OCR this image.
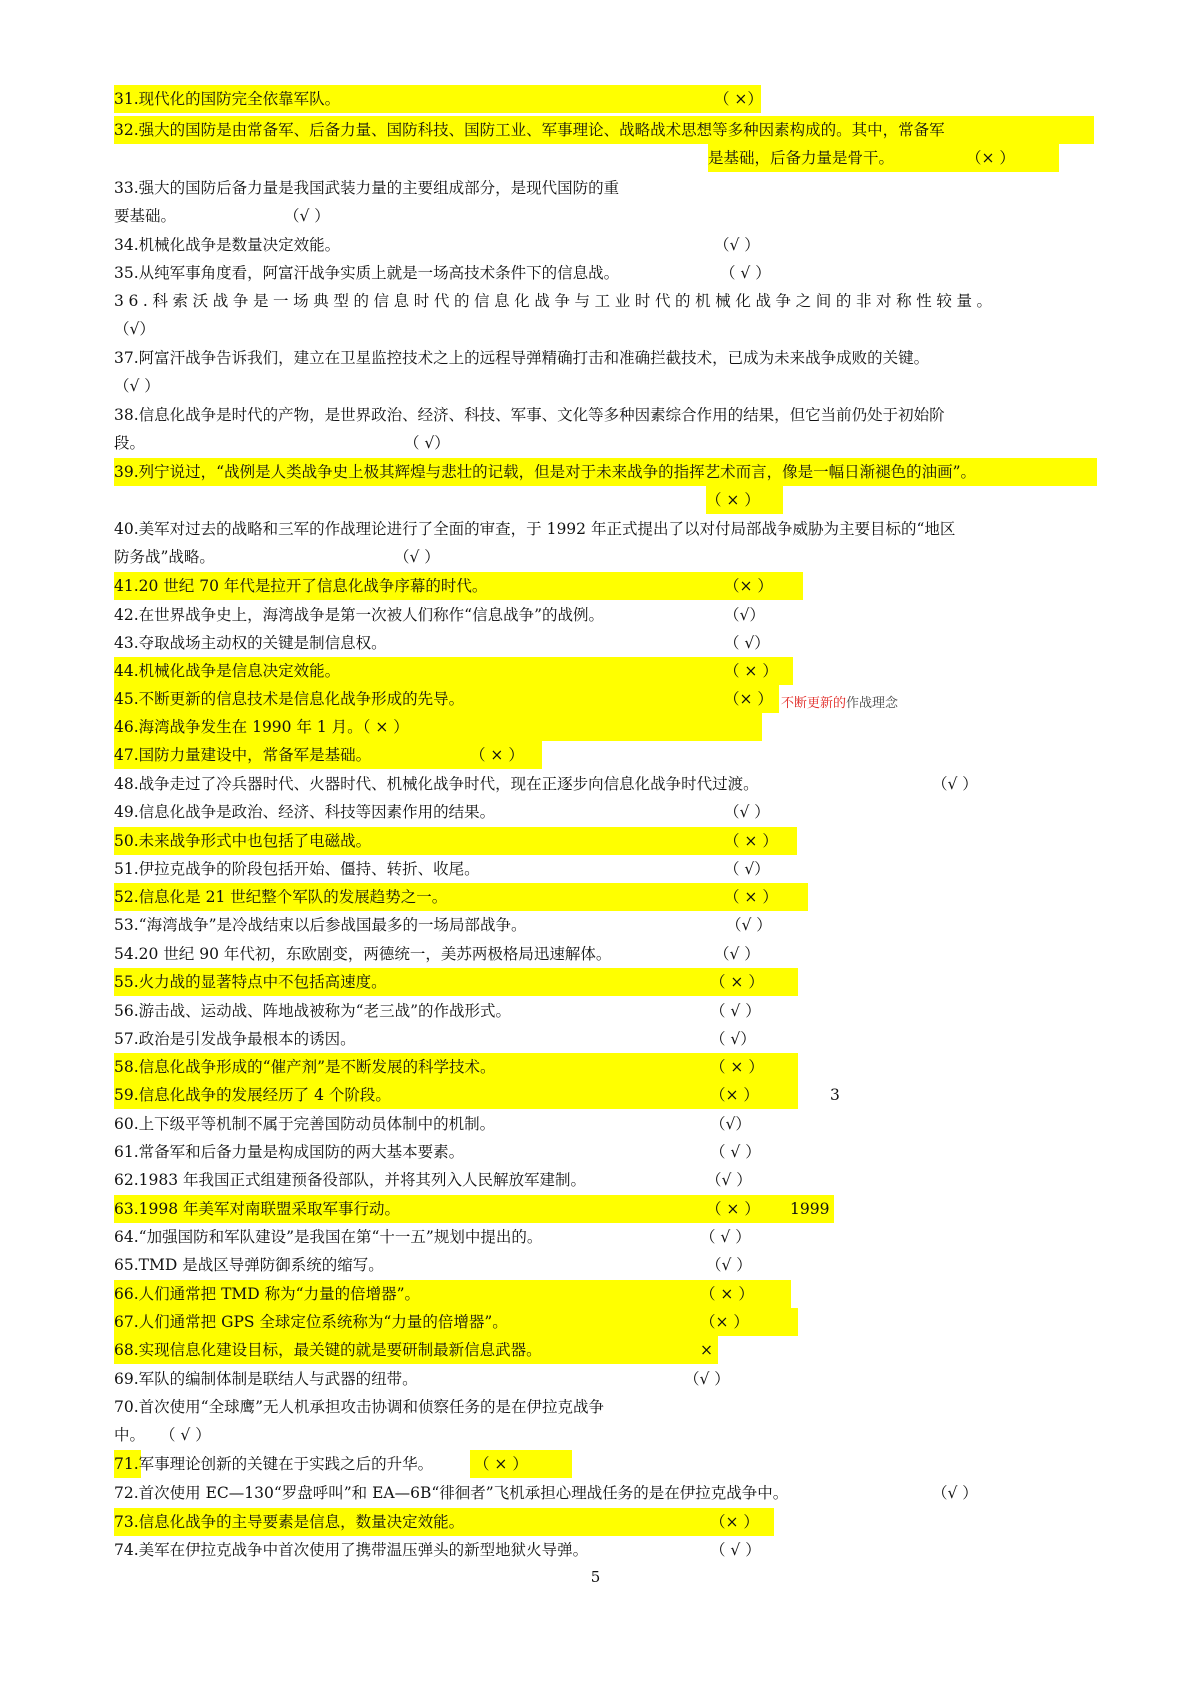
31.现代化的国防完全依靠军队。	（ ×）
32.强大的国防是由常备军、后备力量、国防科技、国防工业、军事理论、战略战术思想等多种因素构成的。其中，常备军
是基础，后备力量是骨干。	（× ）
33.强大的国防后备力量是我国武装力量的主要组成部分，是现代国防的重
要基础。	（√ ）
34.机械化战争是数量决定效能。	（√ ）
35.从纯军事角度看，阿富汗战争实质上就是一场高技术条件下的信息战。	（ √ ）
36.科索沃战争是一场典型的信息时代的信息化战争与工业时代的机械化战争之间的非对称性较量。
（√）
37.阿富汗战争告诉我们，建立在卫星监控技术之上的远程导弹精确打击和准确拦截技术，已成为未来战争成败的关键。
（√ ）
38.信息化战争是时代的产物，是世界政治、经济、科技、军事、文化等多种因素综合作用的结果，但它当前仍处于初始阶
段。	（ √）
39.列宁说过，“战例是人类战争史上极其辉煌与悲壮的记载，但是对于未来战争的指挥艺术而言，像是一幅日渐褪色的油画”。
（ × ）
40.美军对过去的战略和三军的作战理论进行了全面的审查，于 1992 年正式提出了以对付局部战争威胁为主要目标的“地区
防务战”战略。	（√ ）
41.20 世纪 70 年代是拉开了信息化战争序幕的时代。	（× ）
42.在世界战争史上，海湾战争是第一次被人们称作“信息战争”的战例。	（√）
43.夺取战场主动权的关键是制信息权。	（ √）
44.机械化战争是信息决定效能。	（ × ）
45.不断更新的信息技术是信息化战争形成的先导。	（× ） 不断更新的作战理念
46.海湾战争发生在 1990 年 1 月。（ × ）
47.国防力量建设中，常备军是基础。	（ × ）
48.战争走过了冷兵器时代、火器时代、机械化战争时代，现在正逐步向信息化战争时代过渡。	（√ ）
49.信息化战争是政治、经济、科技等因素作用的结果。	（√ ）
50.未来战争形式中也包括了电磁战。	（ × ）
51.伊拉克战争的阶段包括开始、僵持、转折、收尾。	（ √）
52.信息化是 21 世纪整个军队的发展趋势之一。	（ × ）
53.“海湾战争”是冷战结束以后参战国最多的一场局部战争。	（√ ）
54.20 世纪 90 年代初，东欧剧变，两德统一，美苏两极格局迅速解体。	（√ ）
55.火力战的显著特点中不包括高速度。	（ × ）
56.游击战、运动战、阵地战被称为“老三战”的作战形式。	（ √ ）
57.政治是引发战争最根本的诱因。	（ √）
58.信息化战争形成的“催产剂”是不断发展的科学技术。	（ × ）
59.信息化战争的发展经历了 4 个阶段。	（× ）	3
60.上下级平等机制不属于完善国防动员体制中的机制。	（√）
61.常备军和后备力量是构成国防的两大基本要素。	（ √ ）
62.1983 年我国正式组建预备役部队，并将其列入人民解放军建制。	（√ ）
63.1998 年美军对南联盟采取军事行动。	（ × ） 1999
64.“加强国防和军队建设”是我国在第“十一五”规划中提出的。	（ √ ）
65.TMD 是战区导弹防御系统的缩写。	（√ ）
66.人们通常把 TMD 称为“力量的倍增器”。	（ × ）
67.人们通常把 GPS 全球定位系统称为“力量的倍增器”。	（× ）
68.实现信息化建设目标，最关键的就是要研制最新信息武器。	×
69.军队的编制体制是联结人与武器的纽带。	（√ ）
70.首次使用“全球鹰”无人机承担攻击协调和侦察任务的是在伊拉克战争
中。 （ √ ）
71.军事理论创新的关键在于实践之后的升华。	（ × ）
72.首次使用 EC—130“罗盘呼叫”和 EA—6B“徘徊者”飞机承担心理战任务的是在伊拉克战争中。	（√ ）
73.信息化战争的主导要素是信息，数量决定效能。	（× ）
74.美军在伊拉克战争中首次使用了携带温压弹头的新型地狱火导弹。	（ √ ）
5
